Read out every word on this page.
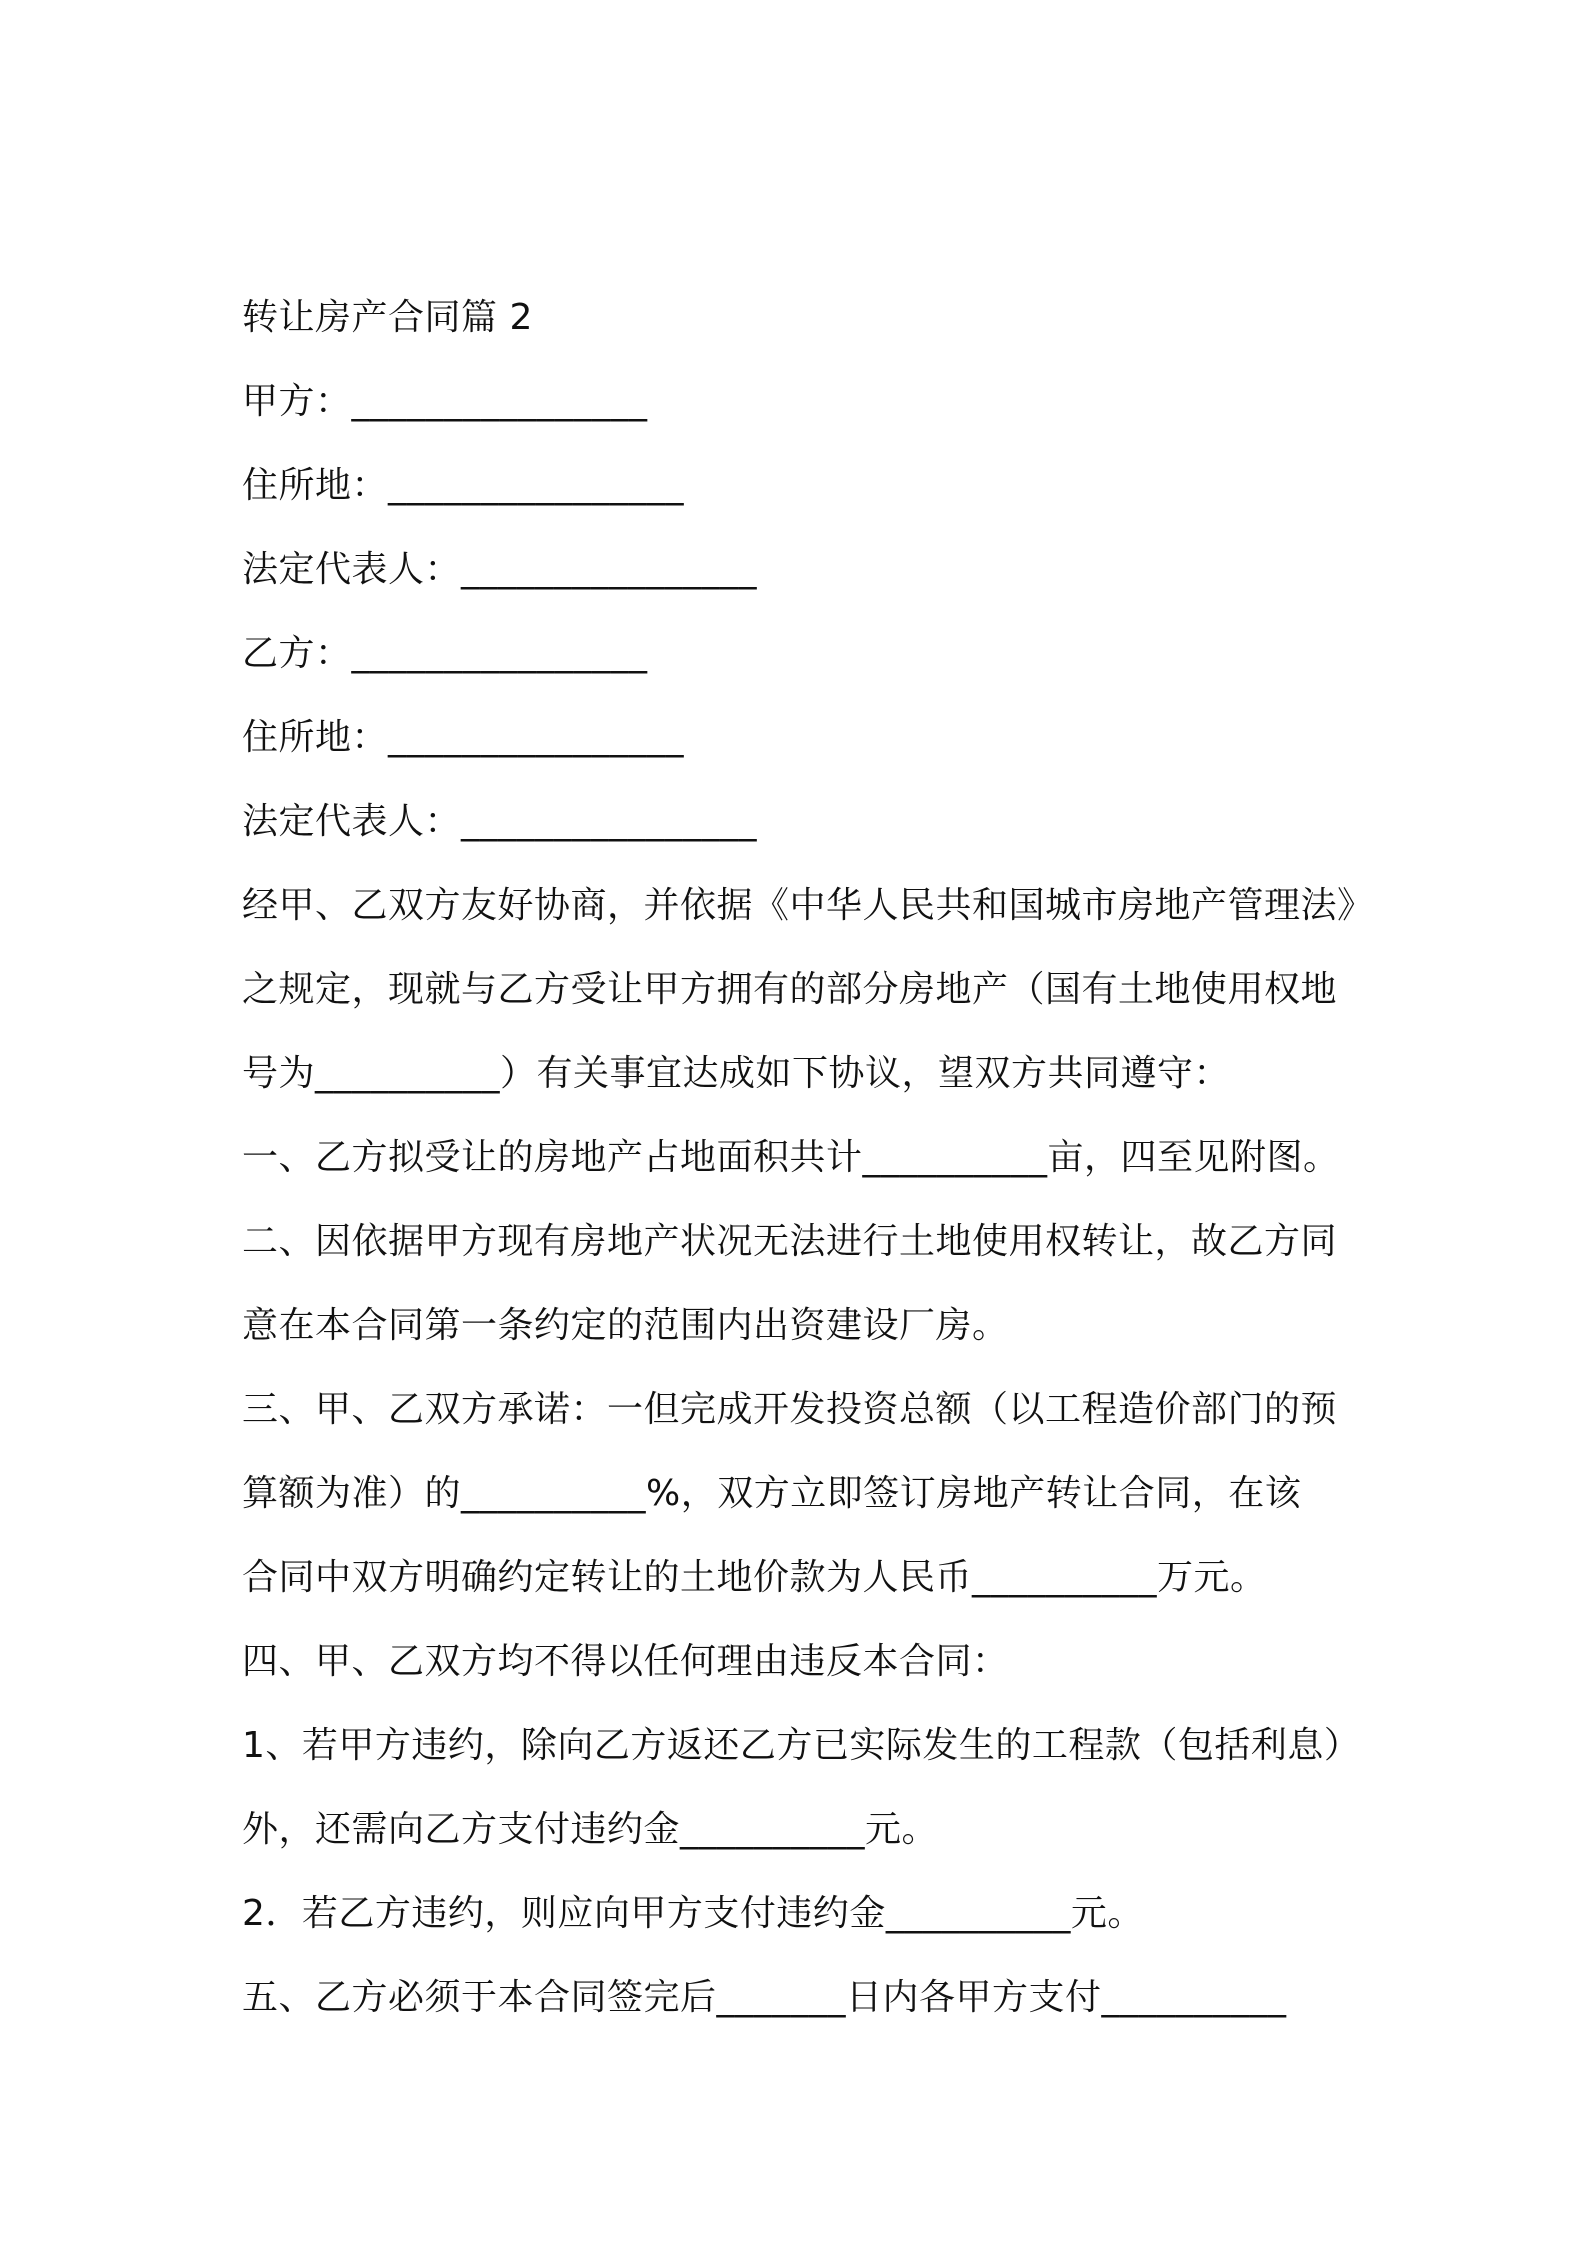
转让房产合同篇 2
甲方：________________
住所地：________________
法定代表人：________________
乙方：________________
住所地：________________
法定代表人：________________
经甲、乙双方友好协商，并依据《中华人民共和国城市房地产管理法》
之规定，现就与乙方受让甲方拥有的部分房地产（国有土地使用权地
号为__________）有关事宜达成如下协议，望双方共同遵守：
一、乙方拟受让的房地产占地面积共计__________亩，四至见附图。
二、因依据甲方现有房地产状况无法进行土地使用权转让，故乙方同
意在本合同第一条约定的范围内出资建设厂房。
三、甲、乙双方承诺：一但完成开发投资总额（以工程造价部门的预
算额为准）的__________%，双方立即签订房地产转让合同，在该
合同中双方明确约定转让的土地价款为人民币__________万元。
四、甲、乙双方均不得以任何理由违反本合同：
1、若甲方违约，除向乙方返还乙方已实际发生的工程款（包括利息）
外，还需向乙方支付违约金__________元。
2．若乙方违约，则应向甲方支付违约金__________元。
五、乙方必须于本合同签完后_______日内各甲方支付__________
